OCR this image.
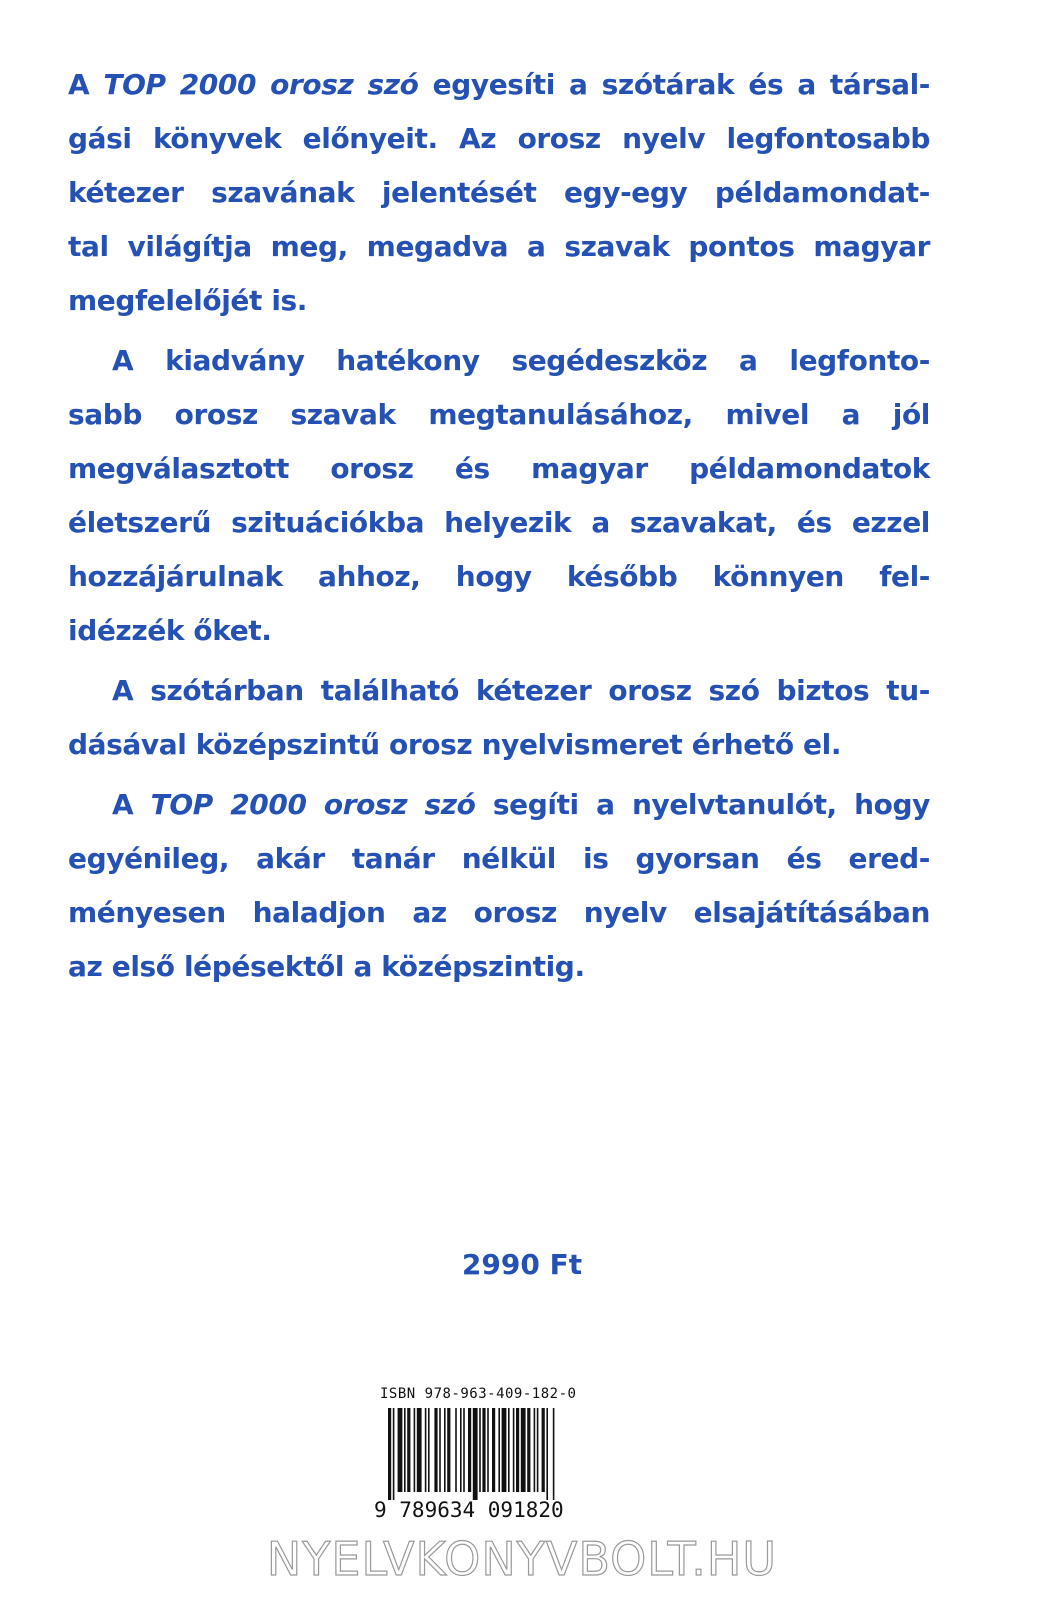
A TOP 2000 orosz szó egyesíti a szótárak és a társal-
gási könyvek előnyeit. Az orosz nyelv legfontosabb
kétezer szavának jelentését egy-egy példamondat-
tal világítja meg, megadva a szavak pontos magyar
megfelelőjét is.
A kiadvány hatékony segédeszköz a legfonto-
sabb orosz szavak megtanulásához, mivel a jól
megválasztott orosz és magyar példamondatok
életszerű szituációkba helyezik a szavakat, és ezzel
hozzájárulnak ahhoz, hogy később könnyen fel-
idézzék őket.
A szótárban található kétezer orosz szó biztos tu-
dásával középszintű orosz nyelvismeret érhető el.
A TOP 2000 orosz szó segíti a nyelvtanulót, hogy
egyénileg, akár tanár nélkül is gyorsan és ered-
ményesen haladjon az orosz nyelv elsajátításában
az első lépésektől a középszintig.
2990 Ft
ISBN 978-963-409-182-0
9 789634 091820
NYELVKONYVBOLT.HU
